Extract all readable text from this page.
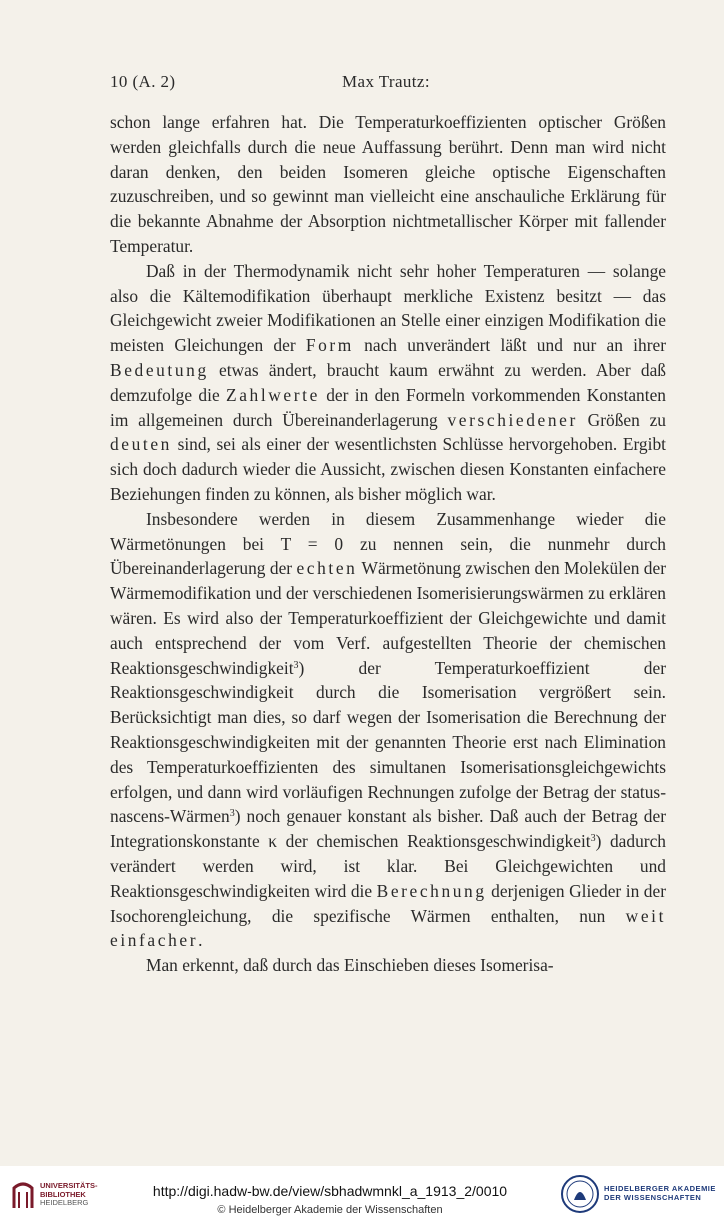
10 (A. 2)	Max Trautz:

schon lange erfahren hat. Die Temperaturkoeffizienten optischer Größen werden gleichfalls durch die neue Auffassung berührt. Denn man wird nicht daran denken, den beiden Isomeren gleiche optische Eigenschaften zuzuschreiben, und so gewinnt man vielleicht eine anschauliche Erklärung für die bekannte Abnahme der Absorption nichtmetallischer Körper mit fallender Temperatur.

Daß in der Thermodynamik nicht sehr hoher Temperaturen — solange also die Kältemodifikation überhaupt merkliche Existenz besitzt — das Gleichgewicht zweier Modifikationen an Stelle einer einzigen Modifikation die meisten Gleichungen der Form nach unverändert läßt und nur an ihrer Bedeutung etwas ändert, braucht kaum erwähnt zu werden. Aber daß demzufolge die Zahlwerte der in den Formeln vorkommenden Konstanten im allgemeinen durch Übereinanderlagerung verschiedener Größen zu deuten sind, sei als einer der wesentlichsten Schlüsse hervorgehoben. Ergibt sich doch dadurch wieder die Aussicht, zwischen diesen Konstanten einfachere Beziehungen finden zu können, als bisher möglich war.

Insbesondere werden in diesem Zusammenhange wieder die Wärmetönungen bei T = 0 zu nennen sein, die nunmehr durch Übereinanderlagerung der echten Wärmetönung zwischen den Molekülen der Wärmemodifikation und der verschiedenen Isomerisierungswärmen zu erklären wären. Es wird also der Temperaturkoeffizient der Gleichgewichte und damit auch entsprechend der vom Verf. aufgestellten Theorie der chemischen Reaktionsgeschwindigkeit$^3$) der Temperaturkoeffizient der Reaktionsgeschwindigkeit durch die Isomerisation vergrößert sein. Berücksichtigt man dies, so darf wegen der Isomerisation die Berechnung der Reaktionsgeschwindigkeiten mit der genannten Theorie erst nach Elimination des Temperaturkoeffizienten des simultanen Isomerisationsgleichgewichts erfolgen, und dann wird vorläufigen Rechnungen zufolge der Betrag der status-nascens-Wärmen$^3$) noch genauer konstant als bisher. Daß auch der Betrag der Integrationskonstante κ der chemischen Reaktionsgeschwindigkeit$^3$) dadurch verändert werden wird, ist klar. Bei Gleichgewichten und Reaktionsgeschwindigkeiten wird die Berechnung derjenigen Glieder in der Isochorengleichung, die spezifische Wärmen enthalten, nun weit einfacher.

Man erkennt, daß durch das Einschieben dieses Isomerisa-

UNIVERSITÄTS-
BIBLIOTHEK
HEIDELBERG
http://digi.hadw-bw.de/view/sbhadwmnkl_a_1913_2/0010
© Heidelberger Akademie der Wissenschaften
HEIDELBERGER AKADEMIE
DER WISSENSCHAFTEN
